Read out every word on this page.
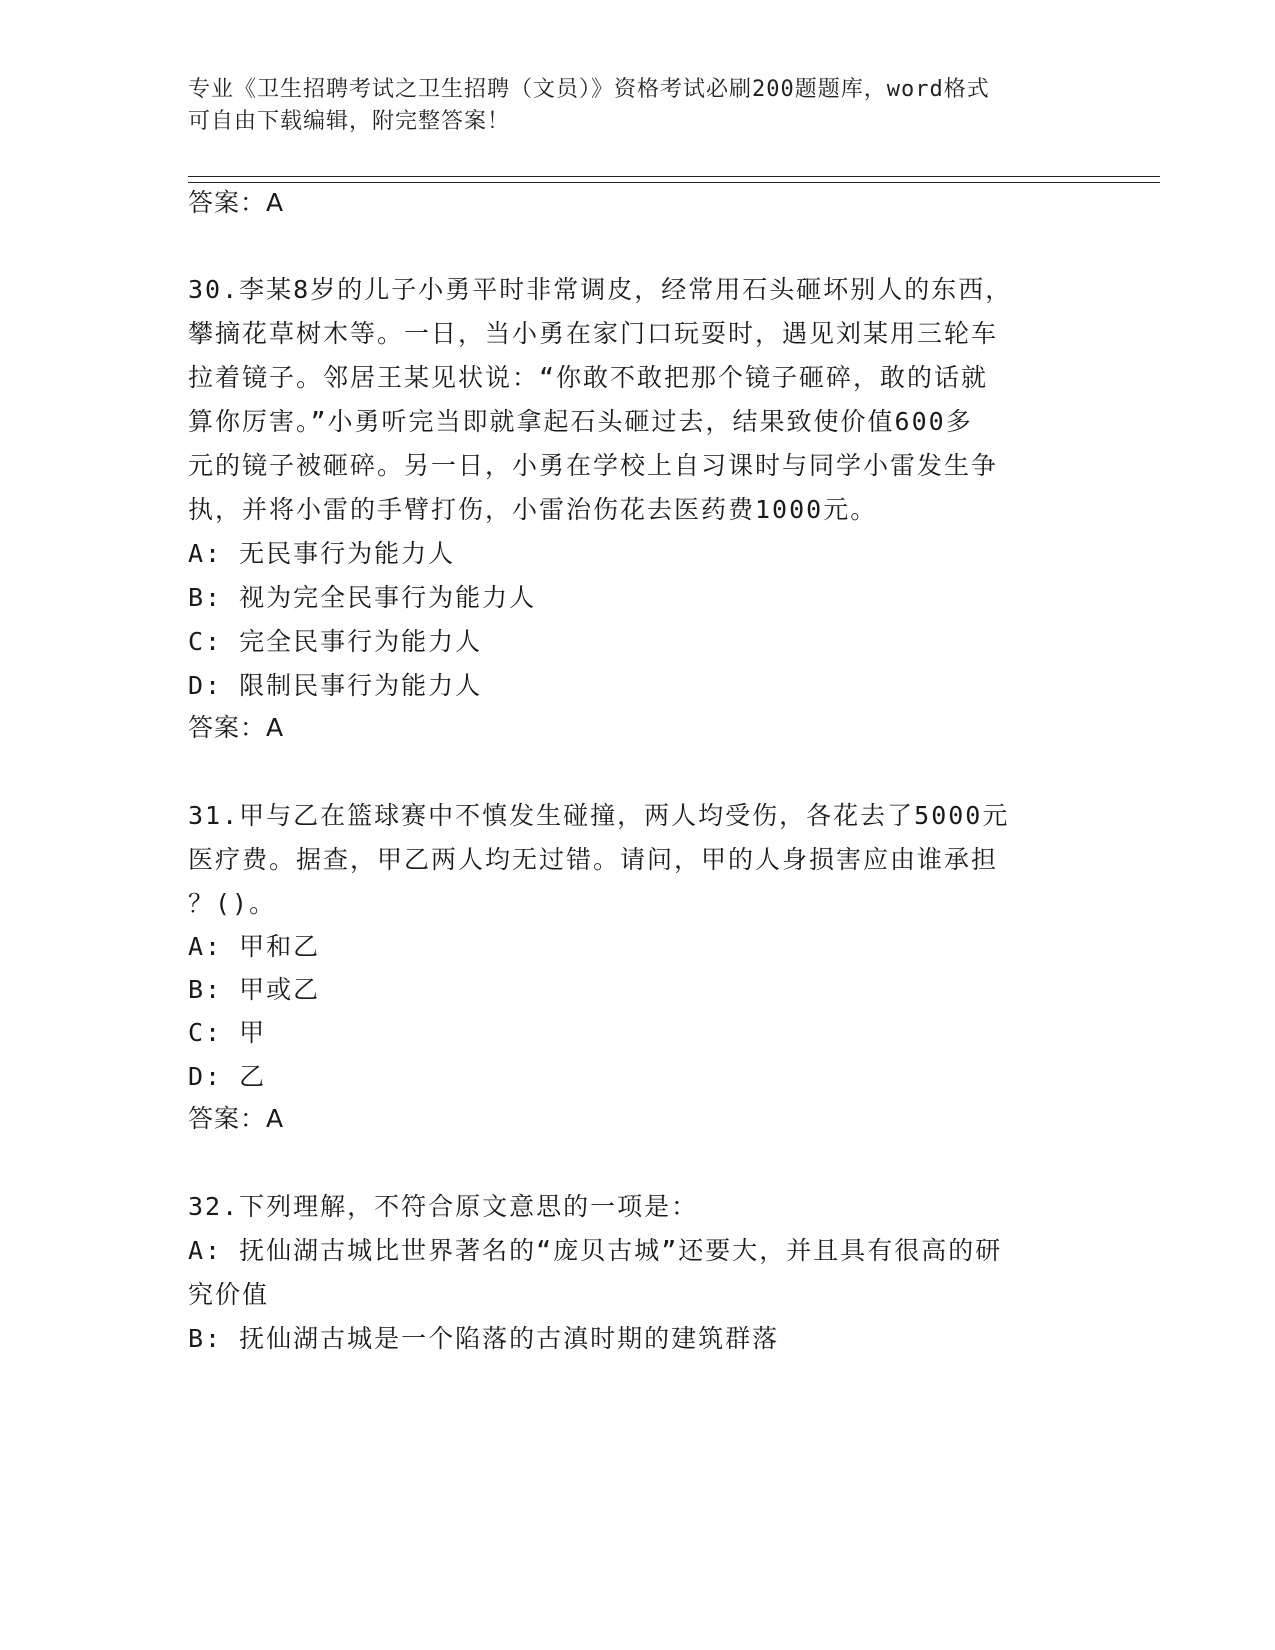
专业《卫生招聘考试之卫生招聘（文员）》资格考试必刷200题题库，word格式
可自由下载编辑，附完整答案！
答案：A
30.李某8岁的儿子小勇平时非常调皮，经常用石头砸坏别人的东西，
攀摘花草树木等。一日，当小勇在家门口玩耍时，遇见刘某用三轮车
拉着镜子。邻居王某见状说：“你敢不敢把那个镜子砸碎，敢的话就
算你厉害。”小勇听完当即就拿起石头砸过去，结果致使价值600多
元的镜子被砸碎。另一日，小勇在学校上自习课时与同学小雷发生争
执，并将小雷的手臂打伤，小雷治伤花去医药费1000元。
A: 无民事行为能力人
B: 视为完全民事行为能力人
C: 完全民事行为能力人
D: 限制民事行为能力人
答案：A
31.甲与乙在篮球赛中不慎发生碰撞，两人均受伤，各花去了5000元
医疗费。据查，甲乙两人均无过错。请问，甲的人身损害应由谁承担
？()。
A: 甲和乙
B: 甲或乙
C: 甲
D: 乙
答案：A
32.下列理解，不符合原文意思的一项是：
A: 抚仙湖古城比世界著名的“庞贝古城”还要大，并且具有很高的研
究价值
B: 抚仙湖古城是一个陷落的古滇时期的建筑群落
